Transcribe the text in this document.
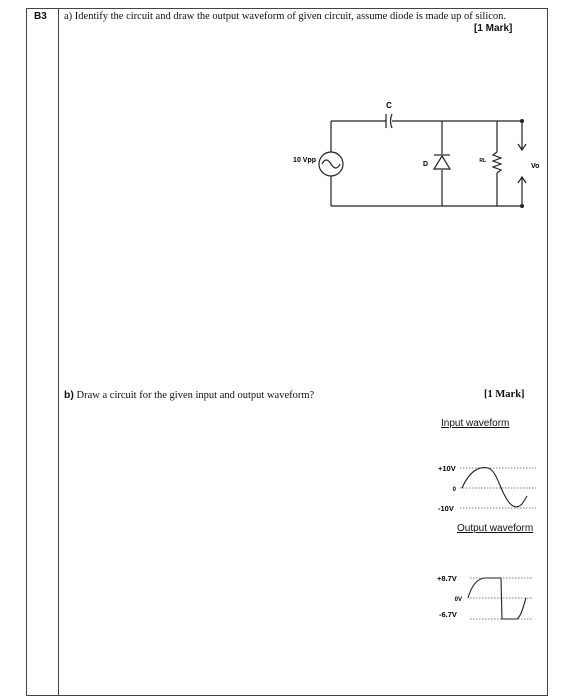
B3 a) Identify the circuit and draw the output waveform of given circuit, assume diode is made up of silicon.
[1 Mark]
C
10 Vpp
D	RL
Vo
b) Draw a circuit for the given input and output waveform?	[1 Mark]
Input waveform
+10V
0
-10V
Output waveform
+8.7V
0V
-6.7V
